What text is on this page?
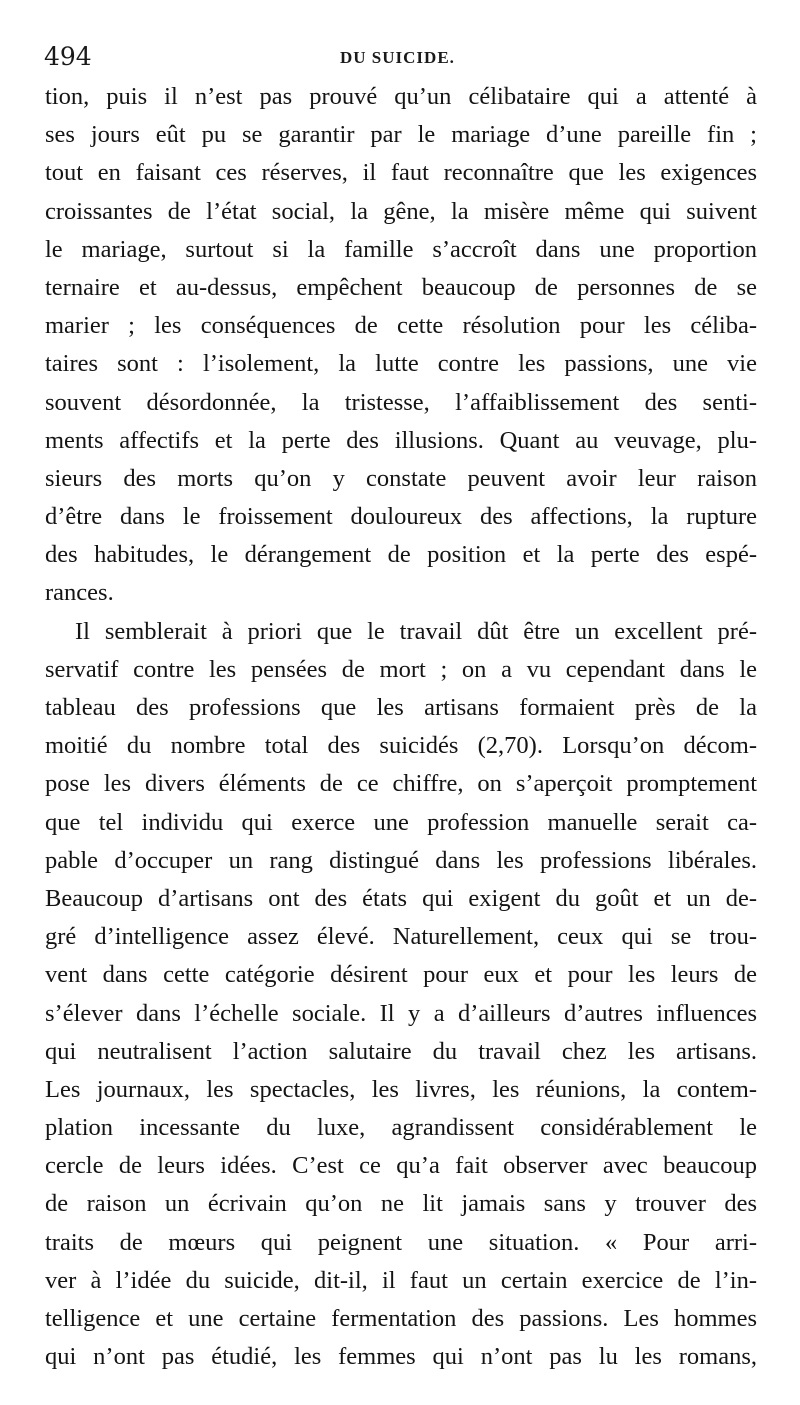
494	DU SUICIDE.
tion, puis il n’est pas prouvé qu’un célibataire qui a attenté à
ses jours eût pu se garantir par le mariage d’une pareille fin ;
tout en faisant ces réserves, il faut reconnaître que les exigences
croissantes de l’état social, la gêne, la misère même qui suivent
le mariage, surtout si la famille s’accroît dans une proportion
ternaire et au-dessus, empêchent beaucoup de personnes de se
marier ; les conséquences de cette résolution pour les céliba-
taires sont : l’isolement, la lutte contre les passions, une vie
souvent désordonnée, la tristesse, l’affaiblissement des senti-
ments affectifs et la perte des illusions. Quant au veuvage, plu-
sieurs des morts qu’on y constate peuvent avoir leur raison
d’être dans le froissement douloureux des affections, la rupture
des habitudes, le dérangement de position et la perte des espé-
rances.
Il semblerait à priori que le travail dût être un excellent pré-
servatif contre les pensées de mort ; on a vu cependant dans le
tableau des professions que les artisans formaient près de la
moitié du nombre total des suicidés (2,70). Lorsqu’on décom-
pose les divers éléments de ce chiffre, on s’aperçoit promptement
que tel individu qui exerce une profession manuelle serait ca-
pable d’occuper un rang distingué dans les professions libérales.
Beaucoup d’artisans ont des états qui exigent du goût et un de-
gré d’intelligence assez élevé. Naturellement, ceux qui se trou-
vent dans cette catégorie désirent pour eux et pour les leurs de
s’élever dans l’échelle sociale. Il y a d’ailleurs d’autres influences
qui neutralisent l’action salutaire du travail chez les artisans.
Les journaux, les spectacles, les livres, les réunions, la contem-
plation incessante du luxe, agrandissent considérablement le
cercle de leurs idées. C’est ce qu’a fait observer avec beaucoup
de raison un écrivain qu’on ne lit jamais sans y trouver des
traits de mœurs qui peignent une situation. « Pour arri-
ver à l’idée du suicide, dit-il, il faut un certain exercice de l’in-
telligence et une certaine fermentation des passions. Les hommes
qui n’ont pas étudié, les femmes qui n’ont pas lu les romans,
